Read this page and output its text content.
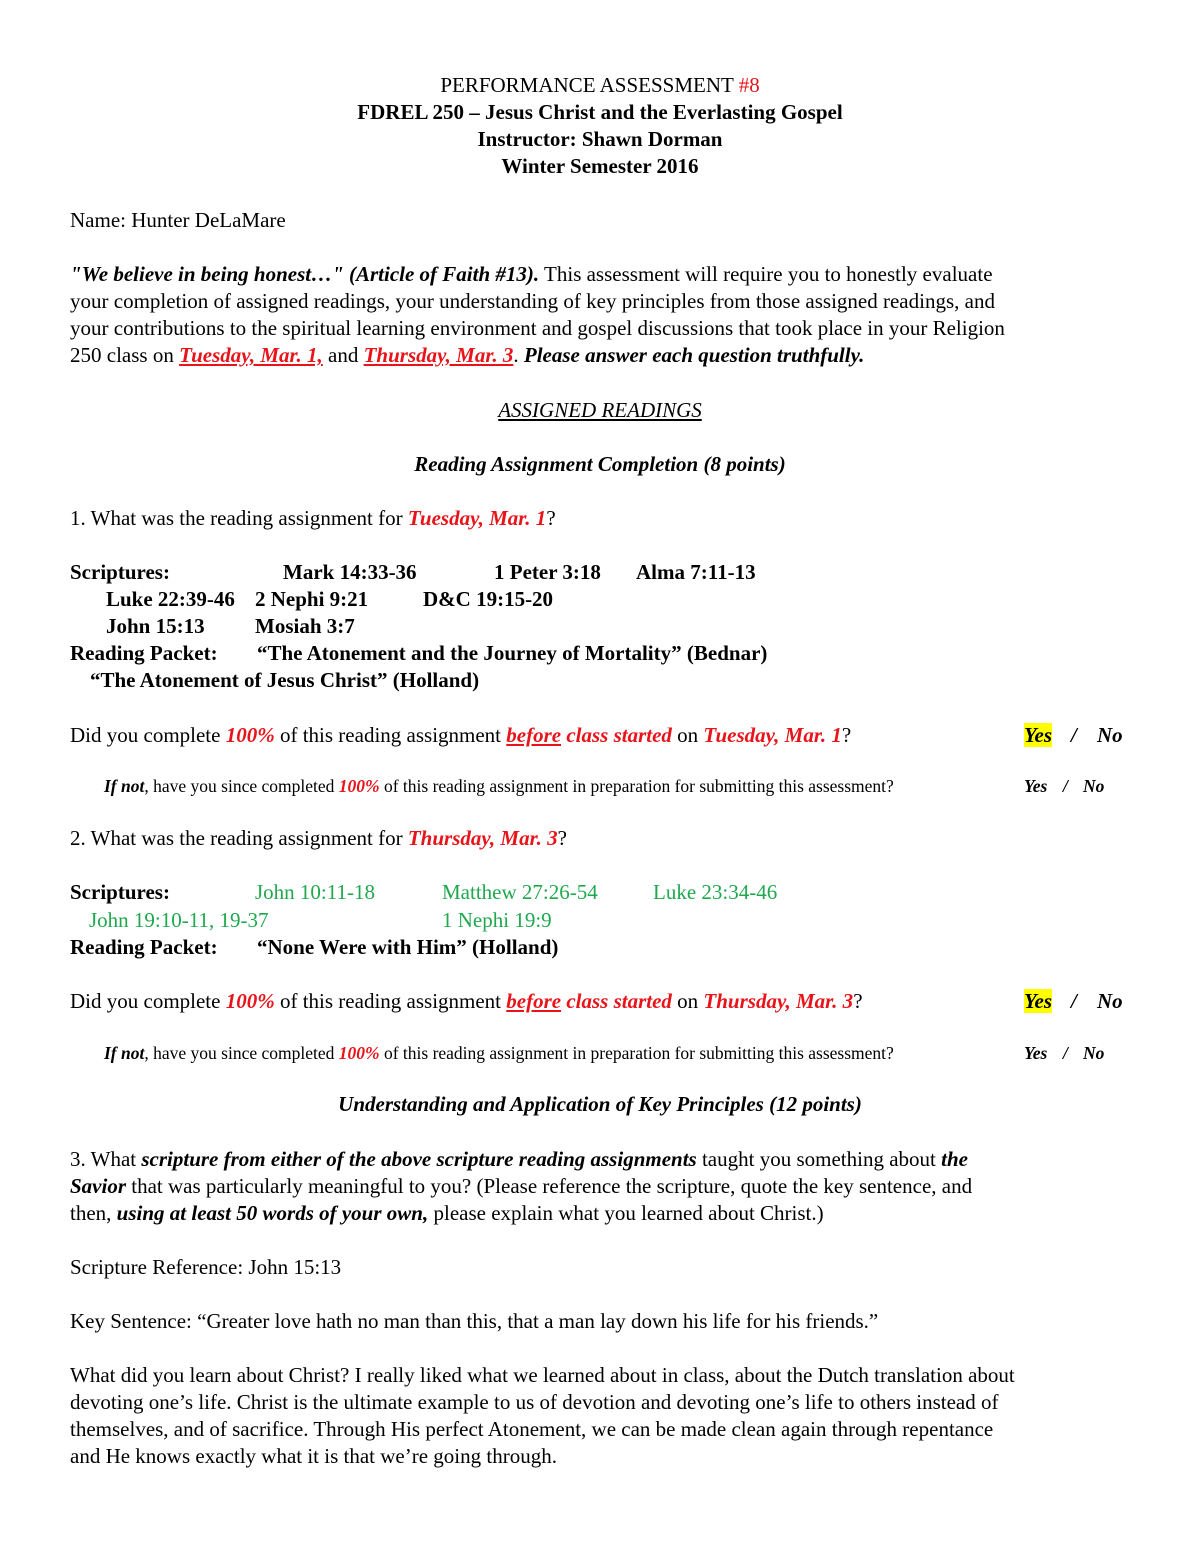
PERFORMANCE ASSESSMENT #8
FDREL 250 – Jesus Christ and the Everlasting Gospel
Instructor: Shawn Dorman
Winter Semester 2016
Name: Hunter DeLaMare
"We believe in being honest…" (Article of Faith #13). This assessment will require you to honestly evaluate
your completion of assigned readings, your understanding of key principles from those assigned readings, and
your contributions to the spiritual learning environment and gospel discussions that took place in your Religion
250 class on Tuesday, Mar. 1, and Thursday, Mar. 3. Please answer each question truthfully.
ASSIGNED READINGS
Reading Assignment Completion (8 points)
1. What was the reading assignment for Tuesday, Mar. 1?
Scriptures:	Mark 14:33-36	1 Peter 3:18 Alma 7:11-13
Luke 22:39-46 2 Nephi 9:21	D&C 19:15-20
John 15:13 Mosiah 3:7
Reading Packet: “The Atonement and the Journey of Mortality” (Bednar)
“The Atonement of Jesus Christ” (Holland)
Did you complete 100% of this reading assignment before class started on Tuesday, Mar. 1?	Yes / No
If not, have you since completed 100% of this reading assignment in preparation for submitting this assessment?	Yes / No
2. What was the reading assignment for Thursday, Mar. 3?
Scriptures:	John 10:11-18	Matthew 27:26-54	Luke 23:34-46
John 19:10-11, 19-37	1 Nephi 19:9
Reading Packet: “None Were with Him” (Holland)
Did you complete 100% of this reading assignment before class started on Thursday, Mar. 3?	Yes / No
If not, have you since completed 100% of this reading assignment in preparation for submitting this assessment?	Yes / No
Understanding and Application of Key Principles (12 points)
3. What scripture from either of the above scripture reading assignments taught you something about the
Savior that was particularly meaningful to you? (Please reference the scripture, quote the key sentence, and
then, using at least 50 words of your own, please explain what you learned about Christ.)
Scripture Reference: John 15:13
Key Sentence: “Greater love hath no man than this, that a man lay down his life for his friends.”
What did you learn about Christ? I really liked what we learned about in class, about the Dutch translation about
devoting one’s life. Christ is the ultimate example to us of devotion and devoting one’s life to others instead of
themselves, and of sacrifice. Through His perfect Atonement, we can be made clean again through repentance
and He knows exactly what it is that we’re going through.
